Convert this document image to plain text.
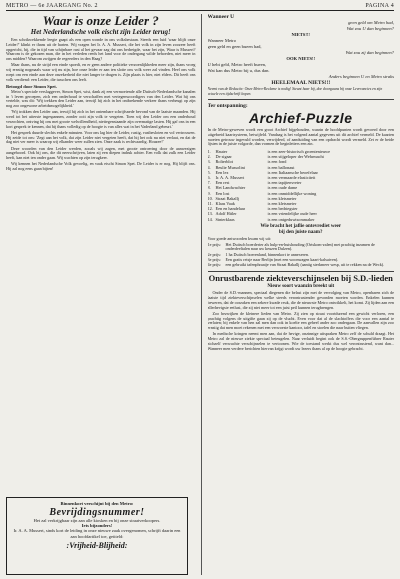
METRO — 6e JAARGANG No. 2	PAGINA 4
Waar is onze Leider ?
Het Nederlandsche volk eischt zijn Leider terug!

Een schrikwekkende leegte gaapt als een open wonde in ons volksbestaan. Steeds een luid 'waar blijft onze Leider?' klinkt er thans uit de harten. Wij vragen het Ir. A. A. Mussert, die het volk in zijn leven zoozeer heeft opgericht, hij, die in tijd van schijnbare rust al het gevaar zag dat ons bedreigde, waar het zijn, Waar is Mussert? Waarom is de gekozen man, die in het verleden reeds het land voor de ondergang wilde behoeden, niet meer in ons midden? Waarom zwijgen de regeerders in den Haag?

Maar thans, nu de strijd een einde spoedt, en er geen andere politieke verzoenlijkheden meer zijn, thans vroeg wij ernstig nogmaals waar wij nu zijn, hoe onze leider er aan ten slotte ons volk weer zal vinden. Heel ons volk roept om een einde aan deze onzekerheid die niet langer te dragen is. Zijn plaats is hier, niet elders. Dit heeft ons volk verdiend: een Leider, die tusschen ons leeft.

Betoogd door Simon Spet.

Metro's speciale verslaggever, Simon Spet, wist, dank zij een vermoeiende alle Duitsch-Nederlandsche kanalen in 't leven geroepen, zich een onderhoud te verschaffen met vertegenwoordigers van den Leider. Wat hij ons vertelde, was dit: 'Wij trekken den Leider aan, terwijl hij zich in het ontbrekende verkeer thans verheugt op zijn nog zoo ongewone arbeidsmogelijkheid.'

'Wij trokken den Leider aan, terwijl hij zich in het ontembare schrijfsnede bevond van de laatste maanden. Hij werd tot het uiterste ingespannen, zonder ooit zijn volk te vergeten. Toen wij den Leider om een onderhoud verzochten, ontving hij ons met groote welwillendheid, niettegenstaande zijn overmatige lasten. Hij gaf ons in een kort gesprek te kennen, dat hij thans volledig op de hoogte is van alles wat in het Vaderland gebeurt.'

Het gesprek duurde slechts enkele minuten. Voor ons lag hier de Leider, rustig, vastbesloten en vol vertrouwen. Hij zeide tot ons: 'Zegt aan het volk, dat zijn Leider niet vergeten heeft, dat hij het ook nu niet verlaat, en dat de dag niet ver meer is waarop wij elkander weer zullen zien. Onze zaak is rechtvaardig. Houzee!'

Deze woorden van den Leider werden, zooals wij zagen, met groote ontroering door de aanwezigen aangehoord. Ook bij ons, die dit neerschrijven, laten zij een diepen indruk achter. Een volk dat zulk een Leider heeft, kan niet ten onder gaan. Wij wachten op zijn terugkeer.

Wij kennen het Nederlandsche Volk gevoelig, en vaak eischt Simon Spet. De Leider is er nog. Hij blijft ons. Hij zal nog eens gaan bijten!

Binnenkort verschijnt bij den Metro:
Bevrijdingsnummer!
Het zal verkrijgbaar zijn aan alle kiosken en bij onze straatverkoopers.
Iets bijzonders!
Ir. A. A. Mussert, sinds kort de leiding in onze nieuwe zaak overgenomen, schrijft daarin een aan hoofdartikel toe, getiteld:
:Vrijheid-Blijheid:
Wanneer U
geen geld om Metro had,
Wat zou U dan beginnen?
NIETS!!!
Wanneer Metro
geen geld en geen bueen had,
Wat zou zij dan beginnen?
OOK NIETS!!
U hebt geld, Metro heeft bueen,
Wat kan dus Metro bij u, dus dan.
Anders beginnen U en Metro straks
HEELEMAAL NIETS!!!
Neemt van de Redactie: Onze Metro-Reclame is nodig! Steunt haar bij, doe doorgaans bij onze Leverancies en zijn actuele een tijdschrift kopen.
Ter ontspanning:
Archief-Puzzle

In de Metro-geweven wordt een groot Archief bijgehouden, waarin de hoofdpunten wordt gevoerd door een uitgebreid kaartsysteem, betwijfeld. Vandaag is het volgend aantal gegevens uit dit archief vermeld. De kaarten moeten getrouw ingevuld worden, verwijderd, of aanduiding van een opdracht wordt vermeld. Zet er de beide lijsten in de juiste volgorde, dan vormen de beginletters een zin.

1.	Hauter	is een zeer-historisch groentenieuwe
2.	De sigaar	is een stijgeloper der Wehrmacht
3.	Rolterblot	is een fond
4.	Beulie Mussolini	is een ballonaut
5.	Een lex	is een Italiaansche beoefelaar
6.	Ir. A. A. Mussert	is een vermaarde elasticiteit
7.	Een rest	is een tapijtenvreter
8.	Het Landwachter	is een oude dame
9.	Een lost	is een onmiddellijke woning
10. Straat Bakallj	is een kletsmeier
11. Klaas Vaak	is een kletsmeier
12. Een en handelaar	is een bedriegster
13. Adolf Hitler	is een vriendelijke oude heer
14. Sinterklaas	is een ontgeduwtsommaker
Wie bracht het jaflie ontevrediet weer
bij den juiste naam?

Voor goede antwoorden kwam wij uit:

1e prijs:	Het Duitsch boerderier als hulp-en-huishouding (Ortskom-zalen) met prachtig inzamen de onderdeeltalen naar uw keuzen Dulzen).
2e prijs:	1 ha Duitsch boerenland, binnenkort te annexeren.
3e prijs:	Een gratis reisje naar Berlijn (met een woonwagen kaart-kalsuiven).
4e prijs:	een gebruikt tafenphraatje van Straat Bakallj (aantig sterkmeer wesp, uit te rekken na de Weck).
Onrustbarende ziekteverschijnselen bij S.D.-lieden
Nieuw soort waanzin breekt uit

Onder de S.D.-mannen, speciaal diegenen die belast zijn met de vervolging van Metro, openbaren zich de laatste tijd ziekteverschijnselen welke steeds verontrustender gevonden moeten worden. Enkelen kunnen beweren, dat de oorzaken een zekere kwade reuk, die de nieuwste Metro ontwikkelt, het komt. Zij lijden aan een allerhevigste eetlust, die zij niet meer tot een juist peil kunnen terugbrengen.

Zoo bezwijken de kleinere lieden van Metro. Zij zien op straat voortdurend een gewicht verloren, een prachtig volgens de uitgifte gaan zij op de vlucht. Even voor dat al de slachtoffers die voor een aantal te verlaten; bij enkele van hen zal men dan ook in koelte een geheel ander zoo ondergaan. De aanvallen zijn zoo ernstig dat men moet rekenen met een verwoeste kantoor, tafel en stoelen die naar buiten vliegen.

In medische kringen neemt men aan, dat de hevige, onzinnige uitspraken Metro zelf de schuld draagt. Het Metro zal de nieuwe ziekte speciaal beteugelen. Naar verluidt begint ook de S.S.-Obergruppenführer Rauter zichzelf verwachte verschijnselen te vertoonen. Wie de toestand werkt dus wel verontrustend, want dan... Wanneer men verdere berichten hiervan krijgt wordt uw lezers thans al op de hoogte gebracht.
